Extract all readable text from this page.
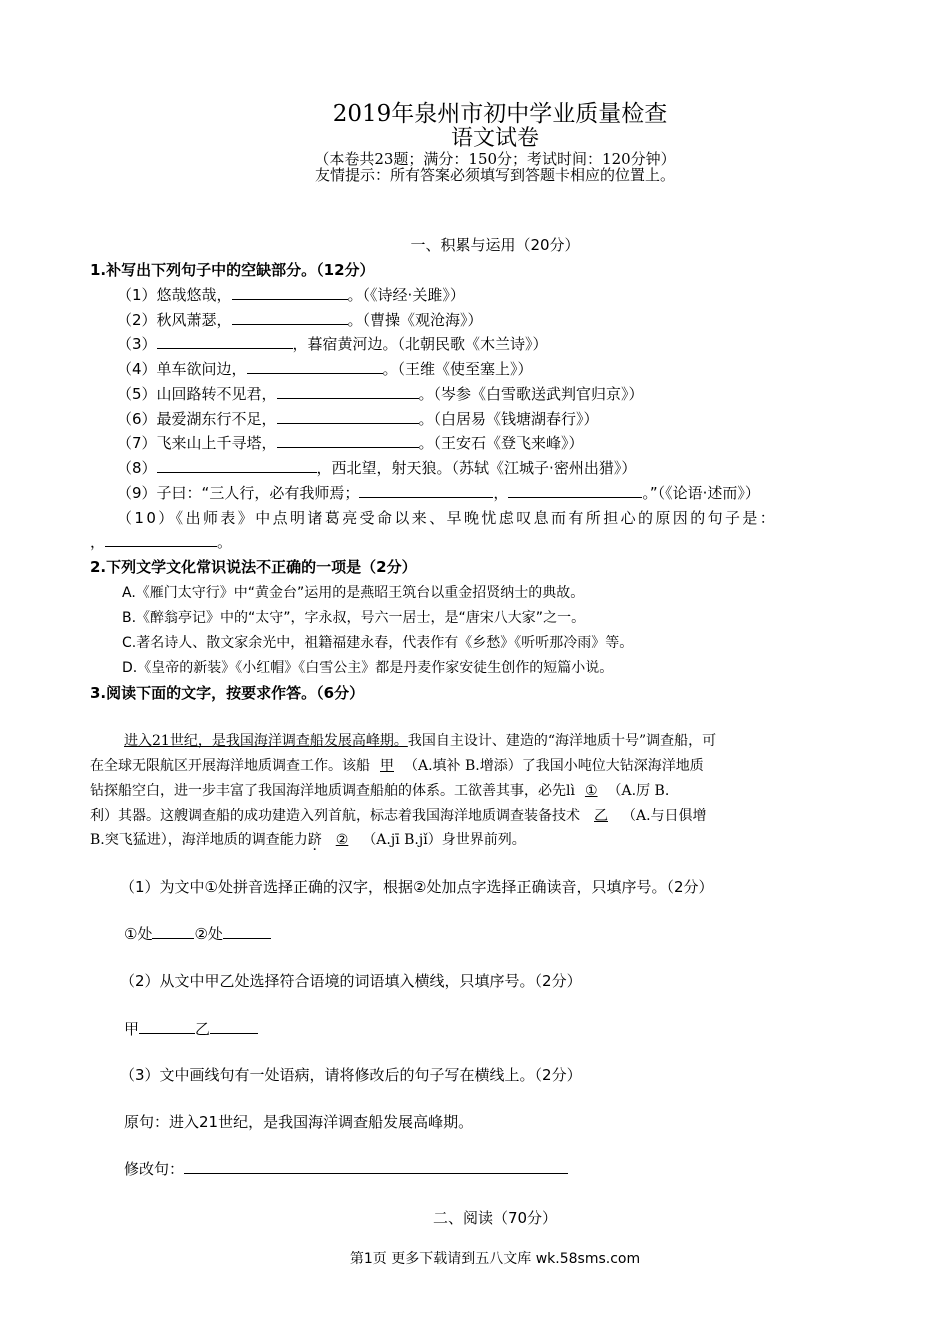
2019年泉州市初中学业质量检查
语文试卷
（本卷共23题；满分：150分；考试时间：120分钟）
友情提示：所有答案必须填写到答题卡相应的位置上。
一、积累与运用（20分）
1.补写出下列句子中的空缺部分。（12分）
（1）悠哉悠哉，	。（《诗经·关雎》）
（2）秋风萧瑟，	。（曹操《观沧海》）
（3）	，暮宿黄河边。（北朝民歌《木兰诗》）
（4）单车欲问边，	。（王维《使至塞上》）
（5）山回路转不见君，	。（岑参《白雪歌送武判官归京》）
（6）最爱湖东行不足，	。（白居易《钱塘湖春行》）
（7）飞来山上千寻塔，	。（王安石《登飞来峰》）
（8）	，西北望，射天狼。（苏轼《江城子·密州出猎》）
（9）子曰：“三人行，必有我师焉；	，	。”（《论语·述而》）
（10）《出师表》中点明诸葛亮受命以来、早晚忧虑叹息而有所担心的原因的句子是：
，	。
2.下列文学文化常识说法不正确的一项是（2分）
A.《雁门太守行》中“黄金台”运用的是燕昭王筑台以重金招贤纳士的典故。
B.《醉翁亭记》中的“太守”，字永叔，号六一居士，是“唐宋八大家”之一。
C.著名诗人、散文家余光中，祖籍福建永春，代表作有《乡愁》《听听那冷雨》等。
D.《皇帝的新装》《小红帽》《白雪公主》都是丹麦作家安徒生创作的短篇小说。
3.阅读下面的文字，按要求作答。（6分）
进入21世纪，是我国海洋调查船发展高峰期。我国自主设计、建造的“海洋地质十号”调查船，可
在全球无限航区开展海洋地质调查工作。该船 甲 （A.填补 B.增添）了我国小吨位大钻深海洋地质
钻探船空白，进一步丰富了我国海洋地质调查船舶的体系。工欲善其事，必先lì ① （A.厉 B.
利）其器。这艘调查船的成功建造入列首航，标志着我国海洋地质调查装备技术 乙 （A.与日俱增
B.突飞猛进），海洋地质的调查能力跻 ② （A.jī B.jǐ）身世界前列。
（1）为文中①处拼音选择正确的汉字，根据②处加点字选择正确读音，只填序号。（2分）
①处	②处
（2）从文中甲乙处选择符合语境的词语填入横线，只填序号。（2分）
甲	乙
（3）文中画线句有一处语病，请将修改后的句子写在横线上。（2分）
原句：进入21世纪，是我国海洋调查船发展高峰期。
修改句：
二、阅读（70分）
第1页 更多下载请到五八文库 wk.58sms.com
